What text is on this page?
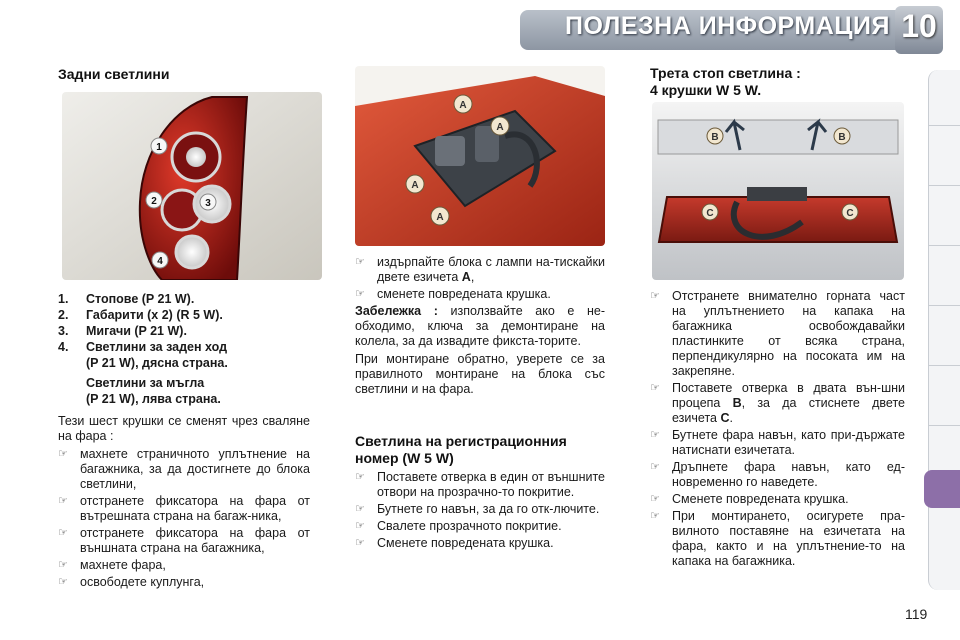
ПОЛЕЗНА ИНФОРМАЦИЯ 10
Задни светлини
1
2	3
4
1.	Стопове (P 21 W).
2.	Габарити (x 2) (R 5 W).
3.	Мигачи (P 21 W).
4.	Светлини за заден ход
(P 21 W), дясна страна.
Светлини за мъгла
(P 21 W), лява страна.
Тези шест крушки се сменят чрез сваляне на фара :
☞ махнете страничното уплътнение на багажника, за да достигнете до блока светлини,
☞ отстранете фиксатора на фара от вътрешната страна на багаж-ника,
☞ отстранете фиксатора на фара от външната страна на багажника,
☞ махнете фара,
☞ освободете куплунга,
A
A
A
A
☞ издърпайте блока с лампи на-тискайки двете езичета A,
☞ сменете повредената крушка.
Забележка : използвайте ако е не-обходимо, ключа за демонтиране на колела, за да извадите фикста-торите.
При монтиране обратно, уверете се за правилното монтиране на блока със светлини и на фара.
Светлина на регистрационния номер (W 5 W)
☞ Поставете отверка в един от външните отвори на прозрачно-то покритие.
☞ Бутнете го навън, за да го отк-лючите.
☞ Свалете прозрачното покритие.
☞ Сменете повредената крушка.
Трета стоп светлина :
4 крушки W 5 W.
B	B
C	C
☞ Отстранете внимателно горната част на уплътнението на капака на багажника освобождавайки пластинките от всяка страна, перпендикулярно на посоката им на закрепяне.
☞ Поставете отверка в двата вън-шни процепа B, за да стиснете двете езичета C.
☞ Бутнете фара навън, като при-държате натиснати езичетата.
☞ Дръпнете фара навън, като ед-новременно го наведете.
☞ Сменете повредената крушка.
☞ При монтирането, осигурете пра-вилното поставяне на езичетата на фара, както и на уплътнение-то на капака на багажника.
119
